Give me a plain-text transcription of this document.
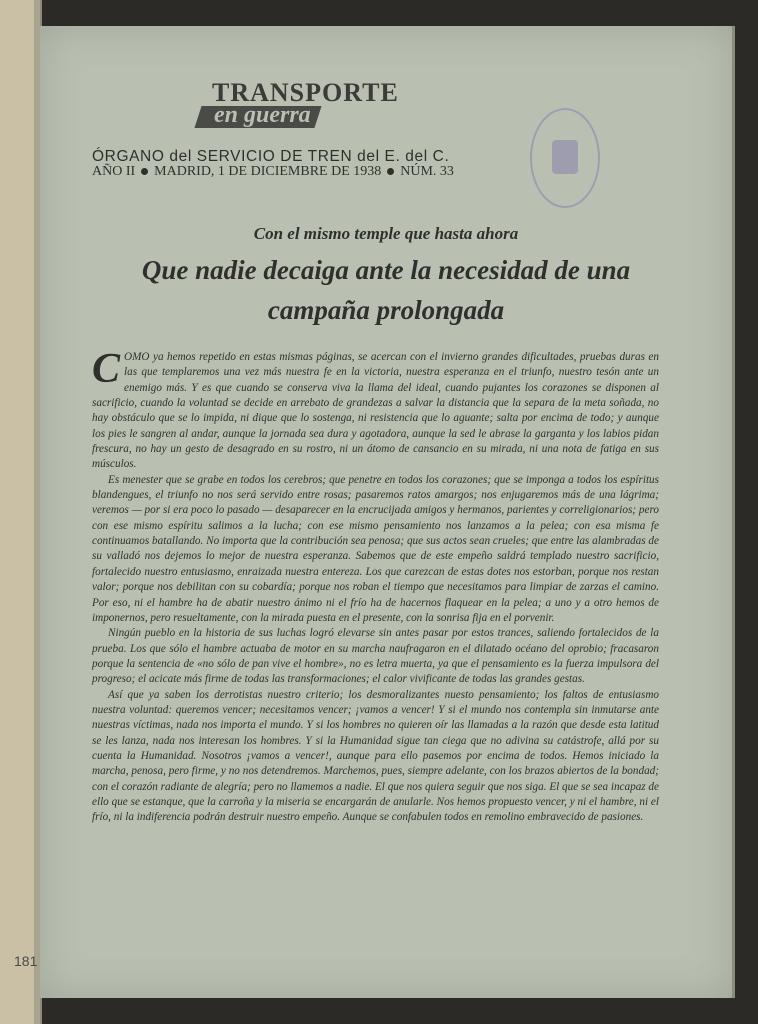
TRANSPORTE
en guerra
ÓRGANO del SERVICIO DE TREN del E. del C.
AÑO II MADRID, 1 DE DICIEMBRE DE 1938 NÚM. 33
Con el mismo temple que hasta ahora
Que nadie decaiga ante la necesidad de una campaña prolongada

COMO ya hemos repetido en estas mismas páginas, se acercan con el invierno grandes dificultades, pruebas duras en las que templaremos una vez más nuestra fe en la victoria, nuestra esperanza en el triunfo, nuestro tesón ante un enemigo más. Y es que cuando se conserva viva la llama del ideal, cuando pujantes los corazones se disponen al sacrificio, cuando la voluntad se decide en arrebato de grandezas a salvar la distancia que la separa de la meta soñada, no hay obstáculo que se lo impida, ni dique que lo sostenga, ni resistencia que lo aguante; salta por encima de todo; y aunque los pies le sangren al andar, aunque la jornada sea dura y agotadora, aunque la sed le abrase la garganta y los labios pidan frescura, no hay un gesto de desagrado en su rostro, ni un átomo de cansancio en su mirada, ni una nota de fatiga en sus músculos.

Es menester que se grabe en todos los cerebros; que penetre en todos los corazones; que se imponga a todos los espíritus blandengues, el triunfo no nos será servido entre rosas; pasaremos ratos amargos; nos enjugaremos más de una lágrima; veremos — por si era poco lo pasado — desaparecer en la encrucijada amigos y hermanos, parientes y correligionarios; pero con ese mismo espíritu salimos a la lucha; con ese mismo pensamiento nos lanzamos a la pelea; con esa misma fe continuamos batallando. No importa que la contribución sea penosa; que sus actos sean crueles; que entre las alambradas de su valladó nos dejemos lo mejor de nuestra esperanza. Sabemos que de este empeño saldrá templado nuestro sacrificio, fortalecido nuestro entusiasmo, enraizada nuestra entereza. Los que carezcan de estas dotes nos estorban, porque nos restan valor; porque nos debilitan con su cobardía; porque nos roban el tiempo que necesitamos para limpiar de zarzas el camino. Por eso, ni el hambre ha de abatir nuestro ánimo ni el frío ha de hacernos flaquear en la pelea; a uno y a otro hemos de imponernos, pero resueltamente, con la mirada puesta en el presente, con la sonrisa fija en el porvenir.

Ningún pueblo en la historia de sus luchas logró elevarse sin antes pasar por estos trances, saliendo fortalecidos de la prueba. Los que sólo el hambre actuaba de motor en su marcha naufragaron en el dilatado océano del oprobio; fracasaron porque la sentencia de «no sólo de pan vive el hombre», no es letra muerta, ya que el pensamiento es la fuerza impulsora del progreso; el acicate más firme de todas las transformaciones; el calor vivificante de todas las grandes gestas.

Así que ya saben los derrotistas nuestro criterio; los desmoralizantes nuesto pensamiento; los faltos de entusiasmo nuestra voluntad: queremos vencer; necesitamos vencer; ¡vamos a vencer! Y si el mundo nos contempla sin inmutarse ante nuestras víctimas, nada nos importa el mundo. Y si los hombres no quieren oír las llamadas a la razón que desde esta latitud se les lanza, nada nos interesan los hombres. Y si la Humanidad sigue tan ciega que no adivina su catástrofe, allá por su cuenta la Humanidad. Nosotros ¡vamos a vencer!, aunque para ello pasemos por encima de todos. Hemos iniciado la marcha, penosa, pero firme, y no nos detendremos. Marchemos, pues, siempre adelante, con los brazos abiertos de la bondad; con el corazón radiante de alegría; pero no llamemos a nadie. El que nos quiera seguir que nos siga. El que se sea incapaz de ello que se estanque, que la carroña y la miseria se encargarán de anularle. Nos hemos propuesto vencer, y ni el hambre, ni el frío, ni la indiferencia podrán destruir nuestro empeño. Aunque se confabulen todos en remolino embravecido de pasiones.

181
